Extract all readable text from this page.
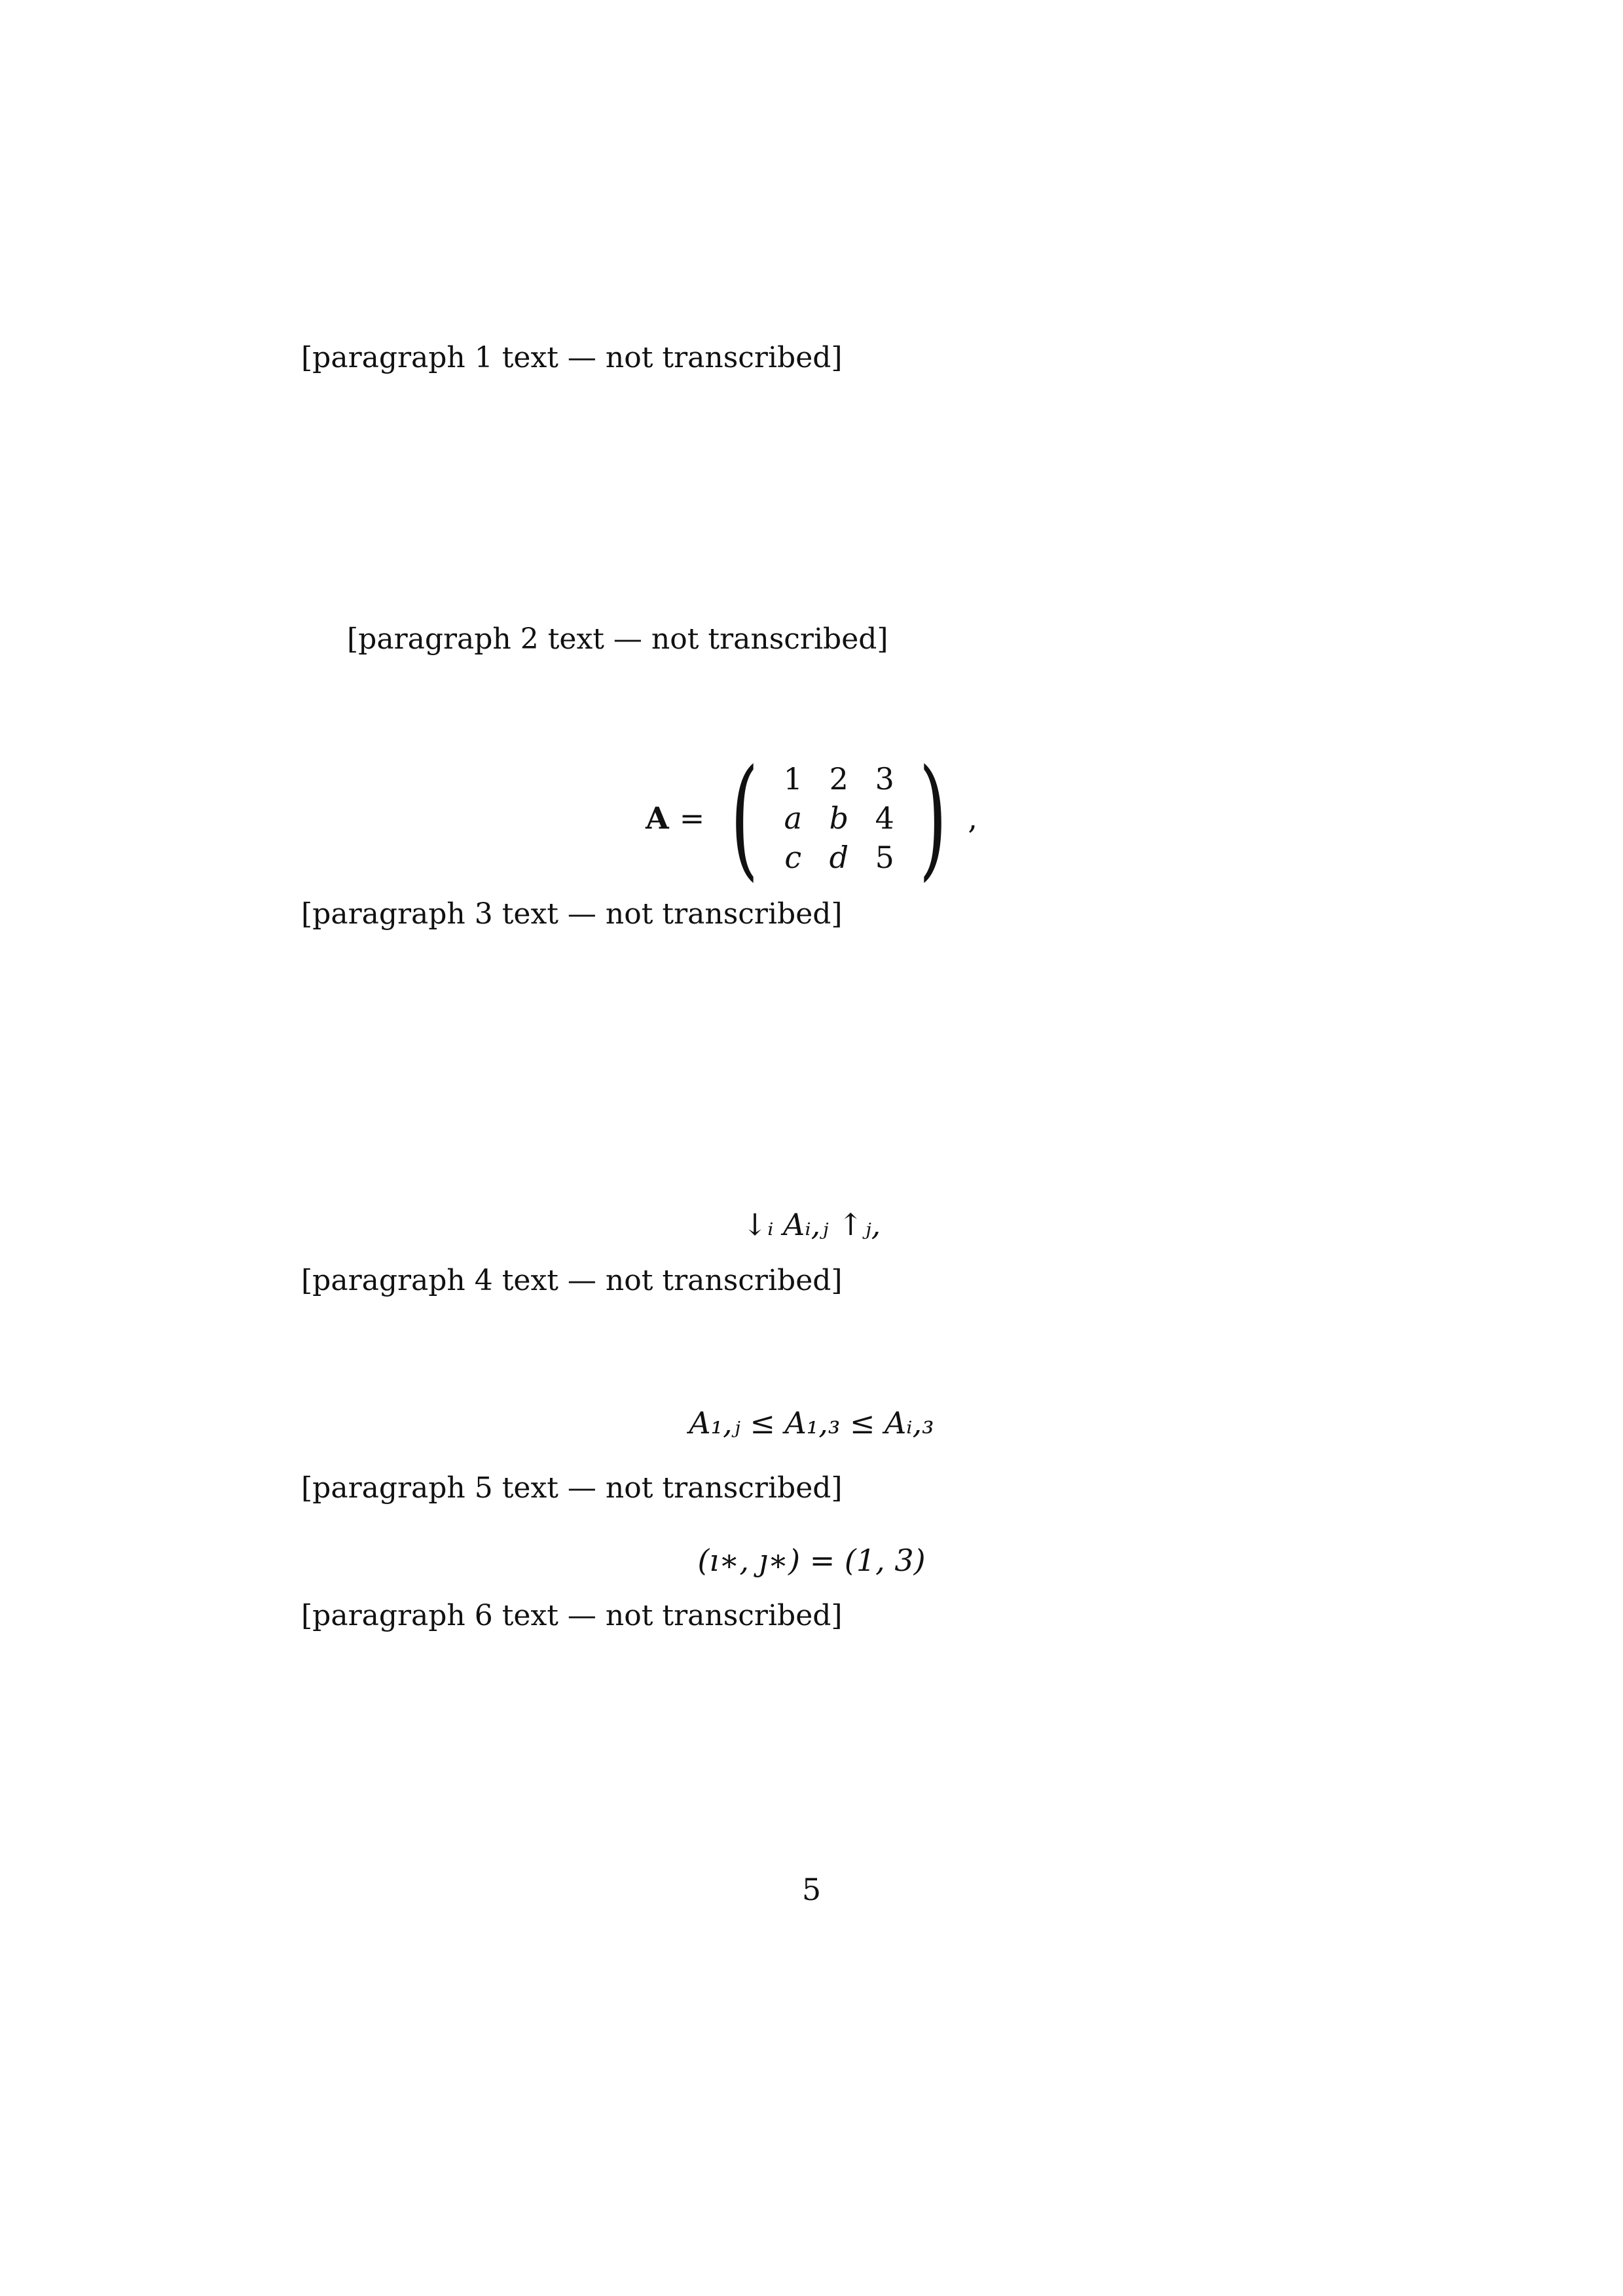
[paragraph 1 text — not transcribed]

[paragraph 2 text — not transcribed]

A = ( 1 2 3
a b 4
c d 5 ) ,

[paragraph 3 text — not transcribed]

↓ᵢ Aᵢ,ⱼ ↑ⱼ,

[paragraph 4 text — not transcribed]

A₁,ⱼ ≤ A₁,₃ ≤ Aᵢ,₃

[paragraph 5 text — not transcribed]

(ı∗, ȷ∗) = (1, 3)

[paragraph 6 text — not transcribed]

5
